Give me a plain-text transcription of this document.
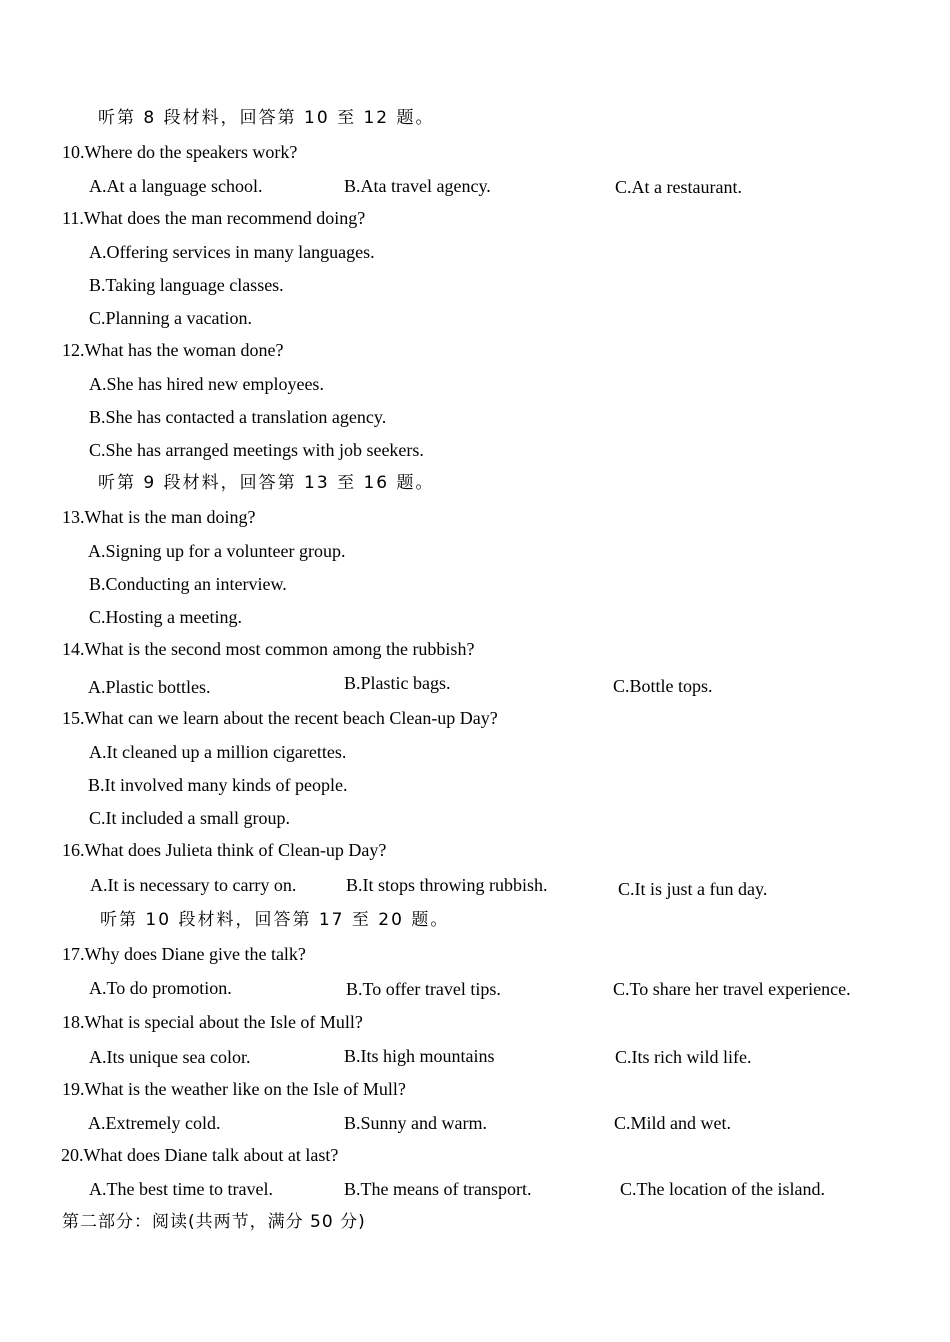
听第 8 段材料，回答第 10 至 12 题。
10.Where do the speakers work?
A.At a language school.	B.Ata travel agency.	C.At a restaurant.
11.What does the man recommend doing?
A.Offering services in many languages.
B.Taking language classes.
C.Planning a vacation.
12.What has the woman done?
A.She has hired new employees.
B.She has contacted a translation agency.
C.She has arranged meetings with job seekers.
听第 9 段材料，回答第 13 至 16 题。
13.What is the man doing?
A.Signing up for a volunteer group.
B.Conducting an interview.
C.Hosting a meeting.
14.What is the second most common among the rubbish?
A.Plastic bottles.	B.Plastic bags.	C.Bottle tops.
15.What can we learn about the recent beach Clean-up Day?
A.It cleaned up a million cigarettes.
B.It involved many kinds of people.
C.It included a small group.
16.What does Julieta think of Clean-up Day?
A.It is necessary to carry on.	B.It stops throwing rubbish.	C.It is just a fun day.
听第 10 段材料，回答第 17 至 20 题。
17.Why does Diane give the talk?
A.To do promotion.	B.To offer travel tips.	C.To share her travel experience.
18.What is special about the Isle of Mull?
A.Its unique sea color.	B.Its high mountains	C.Its rich wild life.
19.What is the weather like on the Isle of Mull?
A.Extremely cold.	B.Sunny and warm.	C.Mild and wet.
20.What does Diane talk about at last?
A.The best time to travel.	B.The means of transport.	C.The location of the island.
第二部分：阅读(共两节，满分 50 分)
